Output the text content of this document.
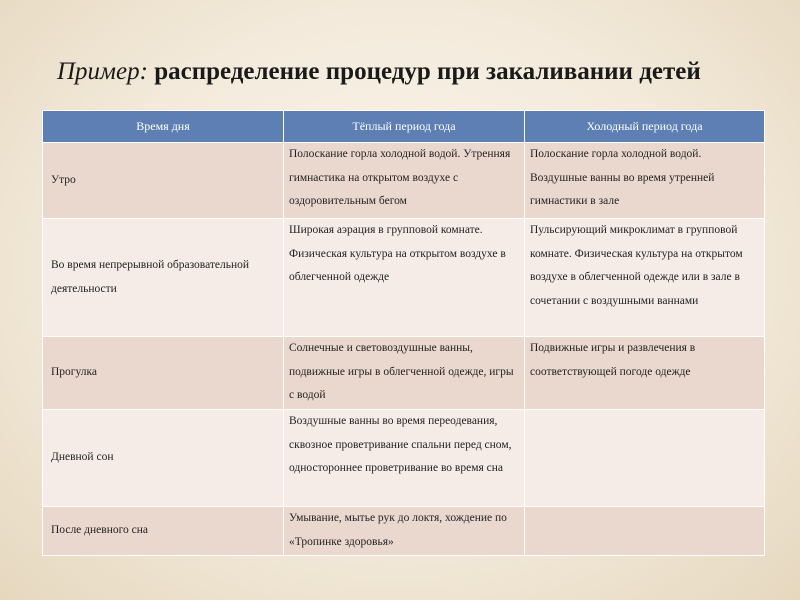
Пример: распределение процедур при закаливании детей
Время дня	Тёплый период года	Холодный период года
Утро	Полоскание горла холодной водой. Утренняя гимнастика на открытом воздухе с оздоровительным бегом	Полоскание горла холодной водой. Воздушные ванны во время утренней гимнастики в зале
Во время непрерывной образовательной деятельности	Широкая аэрация в групповой комнате. Физическая культура на открытом воздухе в облегченной одежде	Пульсирующий микроклимат в групповой комнате. Физическая культура на открытом воздухе в облегченной одежде или в зале в сочетании с воздушными ваннами
Прогулка	Солнечные и световоздушные ванны, подвижные игры в облегченной одежде, игры с водой	Подвижные игры и развлечения в соответствующей погоде одежде
Дневной сон	Воздушные ванны во время переодевания, сквозное проветривание спальни перед сном, одностороннее проветривание во время сна	
После дневного сна	Умывание, мытье рук до локтя, хождение по «Тропинке здоровья»	
